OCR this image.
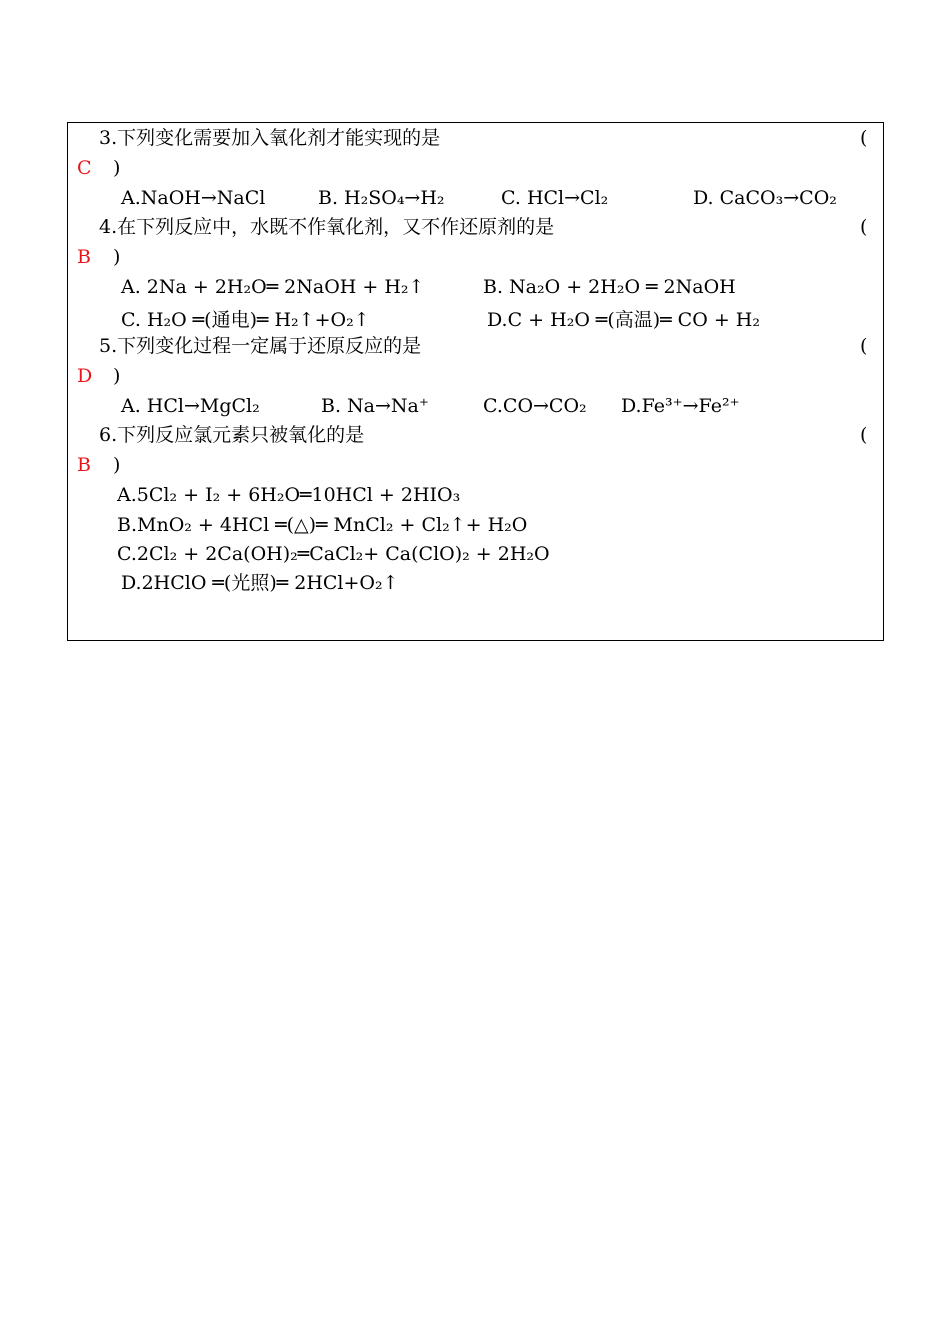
3.下列变化需要加入氧化剂才能实现的是	(
C )
A.NaOH→NaCl	B. H₂SO₄→H₂	C. HCl→Cl₂	D. CaCO₃→CO₂
4.在下列反应中，水既不作氧化剂，又不作还原剂的是	(
B )
A. 2Na + 2H₂O═ 2NaOH + H₂↑	B. Na₂O + 2H₂O ═ 2NaOH
C. H₂O ═(通电)═ H₂↑+O₂↑	D.C + H₂O ═(高温)═ CO + H₂
5.下列变化过程一定属于还原反应的是	(
D )
A. HCl→MgCl₂	B. Na→Na⁺	C.CO→CO₂ D.Fe³⁺→Fe²⁺
6.下列反应氯元素只被氧化的是	(
B )
A.5Cl₂ + I₂ + 6H₂O═10HCl + 2HIO₃
B.MnO₂ + 4HCl ═(△)═ MnCl₂ + Cl₂↑+ H₂O
C.2Cl₂ + 2Ca(OH)₂═CaCl₂+ Ca(ClO)₂ + 2H₂O
D.2HClO ═(光照)═ 2HCl+O₂↑
